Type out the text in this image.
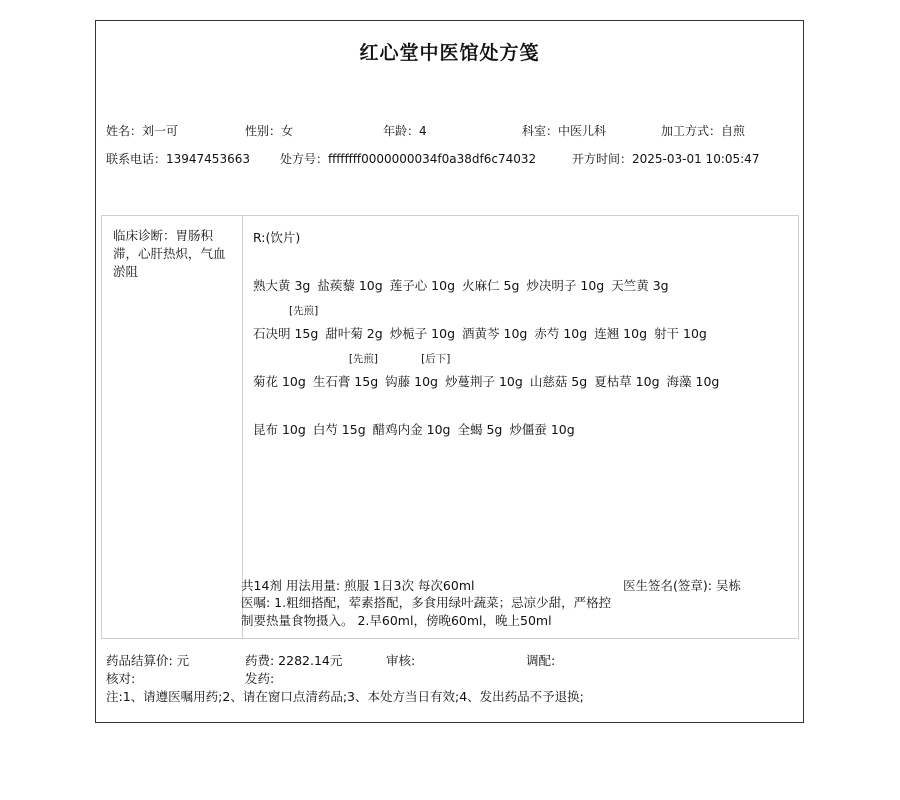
红心堂中医馆处方笺
姓名：刘一可	性别：女	年龄：4	科室：中医儿科	加工方式：自煎
联系电话：13947453663	处方号：ffffffff0000000034f0a38df6c74032	开方时间：2025-03-01 10:05:47
临床诊断：胃肠积滞，心肝热炽，气血淤阻
R:(饮片)
熟大黄 3g 盐蒺藜 10g 莲子心 10g 火麻仁 5g 炒决明子 10g 天竺黄 3g
石决明 15g
[先煎]
甜叶菊 2g 炒栀子 10g 酒黄芩 10g 赤芍 10g 连翘 10g 射干 10g
菊花 10g 生石膏 15g
[先煎]
钩藤 10g
[后下]
炒蔓荆子 10g 山慈菇 5g 夏枯草 10g 海藻 10g
昆布 10g 白芍 15g 醋鸡内金 10g 全蝎 5g 炒僵蚕 10g
共14剂 用法用量: 煎服 1日3次 每次60ml	医生签名(签章): 吴栋
医嘱: 1.粗细搭配，荤素搭配，多食用绿叶蔬菜；忌凉少甜，严格控制要热量食物摄入。 2.早60ml，傍晚60ml，晚上50ml
药品结算价: 元	药费: 2282.14元	审核:	调配:
核对:	发药:
注:1、请遵医嘱用药;2、请在窗口点清药品;3、本处方当日有效;4、发出药品不予退换;
